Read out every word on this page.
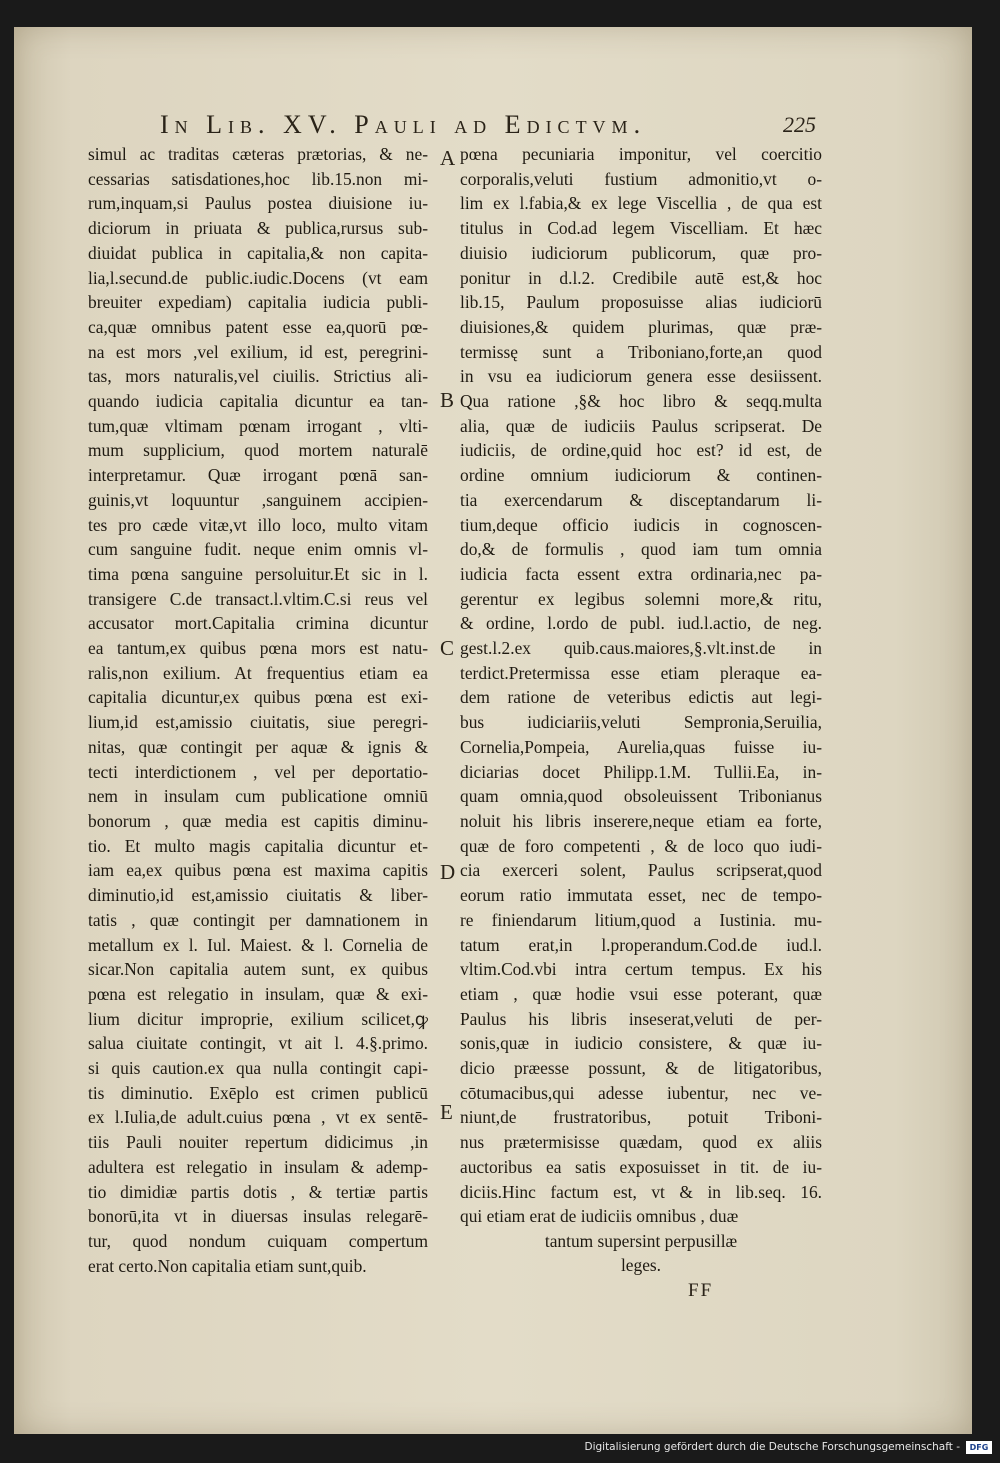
In Lib. XV. Pauli ad Edictvm.	225
simul ac traditas cæteras prætorias, & ne-
cessarias satisdationes,hoc lib.15.non mi-
rum,inquam,si Paulus postea diuisione iu-
diciorum in priuata & publica,rursus sub-
diuidat publica in capitalia,& non capita-
lia,l.secund.de public.iudic.Docens (vt eam
breuiter expediam) capitalia iudicia publi-
ca,quæ omnibus patent esse ea,quorū pœ-
na est mors ,vel exilium, id est, peregrini-
tas, mors naturalis,vel ciuilis. Strictius ali-
quando iudicia capitalia dicuntur ea tan-
tum,quæ vltimam pœnam irrogant , vlti-
mum supplicium, quod mortem naturalē
interpretamur. Quæ irrogant pœnā san-
guinis,vt loquuntur ,sanguinem accipien-
tes pro cæde vitæ,vt illo loco, multo vitam
cum sanguine fudit. neque enim omnis vl-
tima pœna sanguine persoluitur.Et sic in l.
transigere C.de transact.l.vltim.C.si reus vel
accusator mort.Capitalia crimina dicuntur
ea tantum,ex quibus pœna mors est natu-
ralis,non exilium. At frequentius etiam ea
capitalia dicuntur,ex quibus pœna est exi-
lium,id est,amissio ciuitatis, siue peregri-
nitas, quæ contingit per aquæ & ignis &
tecti interdictionem , vel per deportatio-
nem in insulam cum publicatione omniū
bonorum , quæ media est capitis diminu-
tio. Et multo magis capitalia dicuntur et-
iam ea,ex quibus pœna est maxima capitis
diminutio,id est,amissio ciuitatis & liber-
tatis , quæ contingit per damnationem in
metallum ex l. Iul. Maiest. & l. Cornelia de
sicar.Non capitalia autem sunt, ex quibus
pœna est relegatio in insulam, quæ & exi-
lium dicitur improprie, exilium scilicet,ꝙ
salua ciuitate contingit, vt ait l. 4.§.primo.
si quis caution.ex qua nulla contingit capi-
tis diminutio. Exēplo est crimen publicū
ex l.Iulia,de adult.cuius pœna , vt ex sentē-
tiis Pauli nouiter repertum didicimus ,in
adultera est relegatio in insulam & ademp-
tio dimidiæ partis dotis , & tertiæ partis
bonorū,ita vt in diuersas insulas relegarē-
tur, quod nondum cuiquam compertum
erat certo.Non capitalia etiam sunt,quib.
pœna pecuniaria imponitur, vel coercitio
corporalis,veluti fustium admonitio,vt o-
lim ex l.fabia,& ex lege Viscellia , de qua est
titulus in Cod.ad legem Viscelliam. Et hæc
diuisio iudiciorum publicorum, quæ pro-
ponitur in d.l.2. Credibile autē est,& hoc
lib.15, Paulum proposuisse alias iudiciorū
diuisiones,& quidem plurimas, quæ præ-
termissę sunt a Triboniano,forte,an quod
in vsu ea iudiciorum genera esse desiissent.
Qua ratione ,§& hoc libro & seqq.multa
alia, quæ de iudiciis Paulus scripserat. De
iudiciis, de ordine,quid hoc est? id est, de
ordine omnium iudiciorum & continen-
tia exercendarum & disceptandarum li-
tium,deque officio iudicis in cognoscen-
do,& de formulis , quod iam tum omnia
iudicia facta essent extra ordinaria,nec pa-
gerentur ex legibus solemni more,& ritu,
& ordine, l.ordo de publ. iud.l.actio, de neg.
gest.l.2.ex quib.caus.maiores,§.vlt.inst.de in
terdict.Pretermissa esse etiam pleraque ea-
dem ratione de veteribus edictis aut legi-
bus iudiciariis,veluti Sempronia,Seruilia,
Cornelia,Pompeia, Aurelia,quas fuisse iu-
diciarias docet Philipp.1.M. Tullii.Ea, in-
quam omnia,quod obsoleuissent Tribonianus
noluit his libris inserere,neque etiam ea forte,
quæ de foro competenti , & de loco quo iudi-
cia exerceri solent, Paulus scripserat,quod
eorum ratio immutata esset, nec de tempo-
re finiendarum litium,quod a Iustinia. mu-
tatum erat,in l.properandum.Cod.de iud.l.
vltim.Cod.vbi intra certum tempus. Ex his
etiam , quæ hodie vsui esse poterant, quæ
Paulus his libris inseserat,veluti de per-
sonis,quæ in iudicio consistere, & quæ iu-
dicio præesse possunt, & de litigatoribus,
cōtumacibus,qui adesse iubentur, nec ve-
niunt,de frustratoribus, potuit Triboni-
nus prætermisisse quædam, quod ex aliis
auctoribus ea satis exposuisset in tit. de iu-
diciis.Hinc factum est, vt & in lib.seq. 16.
qui etiam erat de iudiciis omnibus , duæ
A
B
C
D
E
tantum supersint perpusillæ
leges.
FF
Digitalisierung gefördert durch die Deutsche Forschungsgemeinschaft -	DFG
